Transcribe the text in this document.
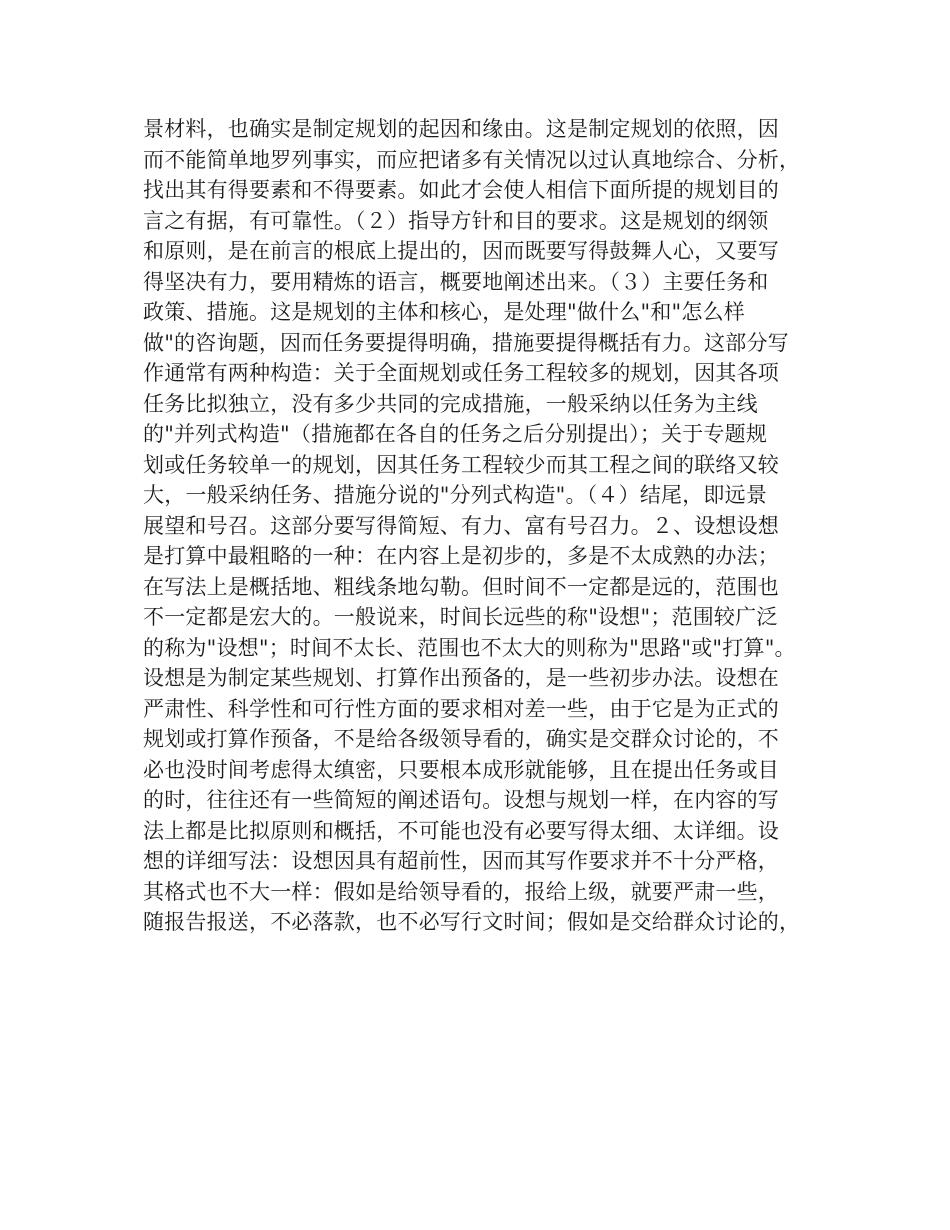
景材料，也确实是制定规划的起因和缘由。这是制定规划的依照，因
而不能简单地罗列事实，而应把诸多有关情况以过认真地综合、分析，
找出其有得要素和不得要素。如此才会使人相信下面所提的规划目的
言之有据，有可靠性。（２）指导方针和目的要求。这是规划的纲领
和原则，是在前言的根底上提出的，因而既要写得鼓舞人心，又要写
得坚决有力，要用精炼的语言，概要地阐述出来。（３）主要任务和
政策、措施。这是规划的主体和核心，是处理"做什么"和"怎么样
做"的咨询题，因而任务要提得明确，措施要提得概括有力。这部分写
作通常有两种构造：关于全面规划或任务工程较多的规划，因其各项
任务比拟独立，没有多少共同的完成措施，一般采纳以任务为主线
的"并列式构造"（措施都在各自的任务之后分别提出）；关于专题规
划或任务较单一的规划，因其任务工程较少而其工程之间的联络又较
大，一般采纳任务、措施分说的"分列式构造"。（４）结尾，即远景
展望和号召。这部分要写得简短、有力、富有号召力。２、设想设想
是打算中最粗略的一种：在内容上是初步的，多是不太成熟的办法；
在写法上是概括地、粗线条地勾勒。但时间不一定都是远的，范围也
不一定都是宏大的。一般说来，时间长远些的称"设想"；范围较广泛
的称为"设想"；时间不太长、范围也不太大的则称为"思路"或"打算"。
设想是为制定某些规划、打算作出预备的，是一些初步办法。设想在
严肃性、科学性和可行性方面的要求相对差一些，由于它是为正式的
规划或打算作预备，不是给各级领导看的，确实是交群众讨论的，不
必也没时间考虑得太缜密，只要根本成形就能够，且在提出任务或目
的时，往往还有一些简短的阐述语句。设想与规划一样，在内容的写
法上都是比拟原则和概括，不可能也没有必要写得太细、太详细。设
想的详细写法：设想因具有超前性，因而其写作要求并不十分严格，
其格式也不大一样：假如是给领导看的，报给上级，就要严肃一些，
随报告报送，不必落款，也不必写行文时间；假如是交给群众讨论的，
